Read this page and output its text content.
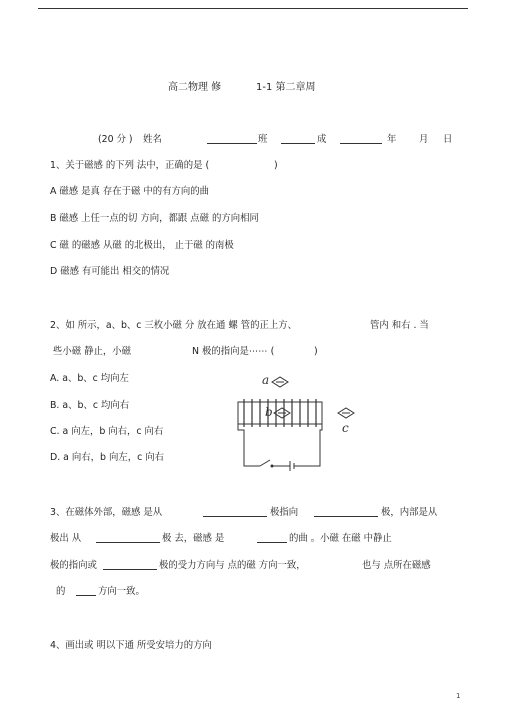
高二物理 修	1-1 第二章周
(20 分 ) 姓名	班	成	年 月 日
1、关于磁感 的下列 法中，正确的是 (	)
A 磁感 是真 存在于磁 中的有方向的曲
B 磁感 上任一点的切 方向，都跟 点磁 的方向相同
C 磁 的磁感 从磁 的北极出， 止于磁 的南极
D 磁感 有可能出 相交的情况
2、如 所示，a、b、c 三枚小磁 分 放在通 螺 管的正上方、	管内 和右 . 当
些小磁 静止，小磁	N 极的指向是⋯⋯ (	)
A. a、b、c 均向左
B. a、b、c 均向右
C. a 向左，b 向右，c 向右
D. a 向右，b 向左，c 向右
a
b
c
3、在磁体外部，磁感 是从	极指向	极，内部是从
极出 从	极 去，磁感 是	的曲 。小磁 在磁 中静止
极的指向或	极的受力方向与 点的磁 方向一致，	也与 点所在磁感
的	方向一致。
4、画出或 明以下通 所受安培力的方向
1
